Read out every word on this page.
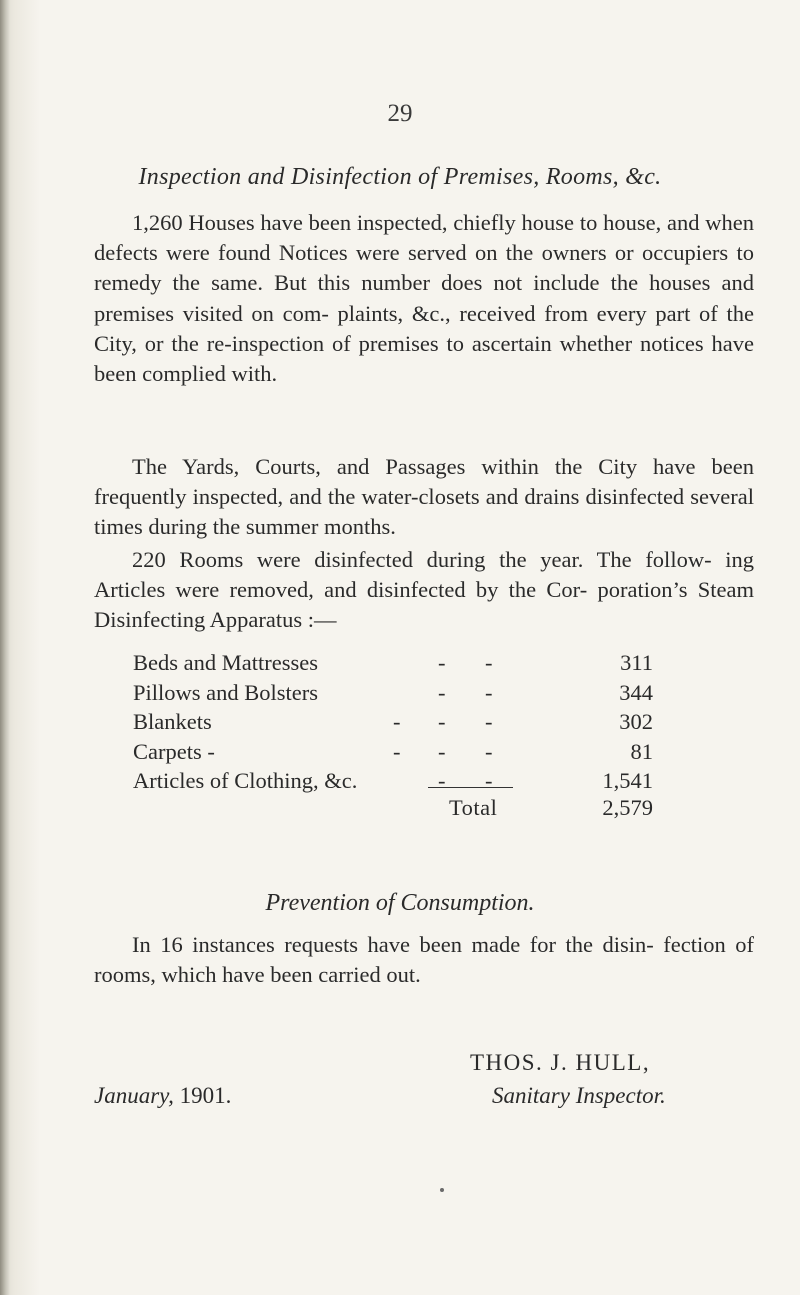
29
Inspection and Disinfection of Premises, Rooms, &c.

1,260 Houses have been inspected, chiefly house to house, and when defects were found Notices were served on the owners or occupiers to remedy the same. But this number does not include the houses and premises visited on com- plaints, &c., received from every part of the City, or the re-inspection of premises to ascertain whether notices have been complied with.

The Yards, Courts, and Passages within the City have been frequently inspected, and the water-closets and drains disinfected several times during the summer months.

220 Rooms were disinfected during the year. The follow- ing Articles were removed, and disinfected by the Cor- poration’s Steam Disinfecting Apparatus :—

Beds and Mattresses	- -	311
Pillows and Bolsters	- -	344
Blankets	- - -	302
Carpets -	- - -	81
Articles of Clothing, &c.	- -	1,541
Total	2,579
Prevention of Consumption.

In 16 instances requests have been made for the disin- fection of rooms, which have been carried out.

THOS. J. HULL,
January, 1901.	Sanitary Inspector.
